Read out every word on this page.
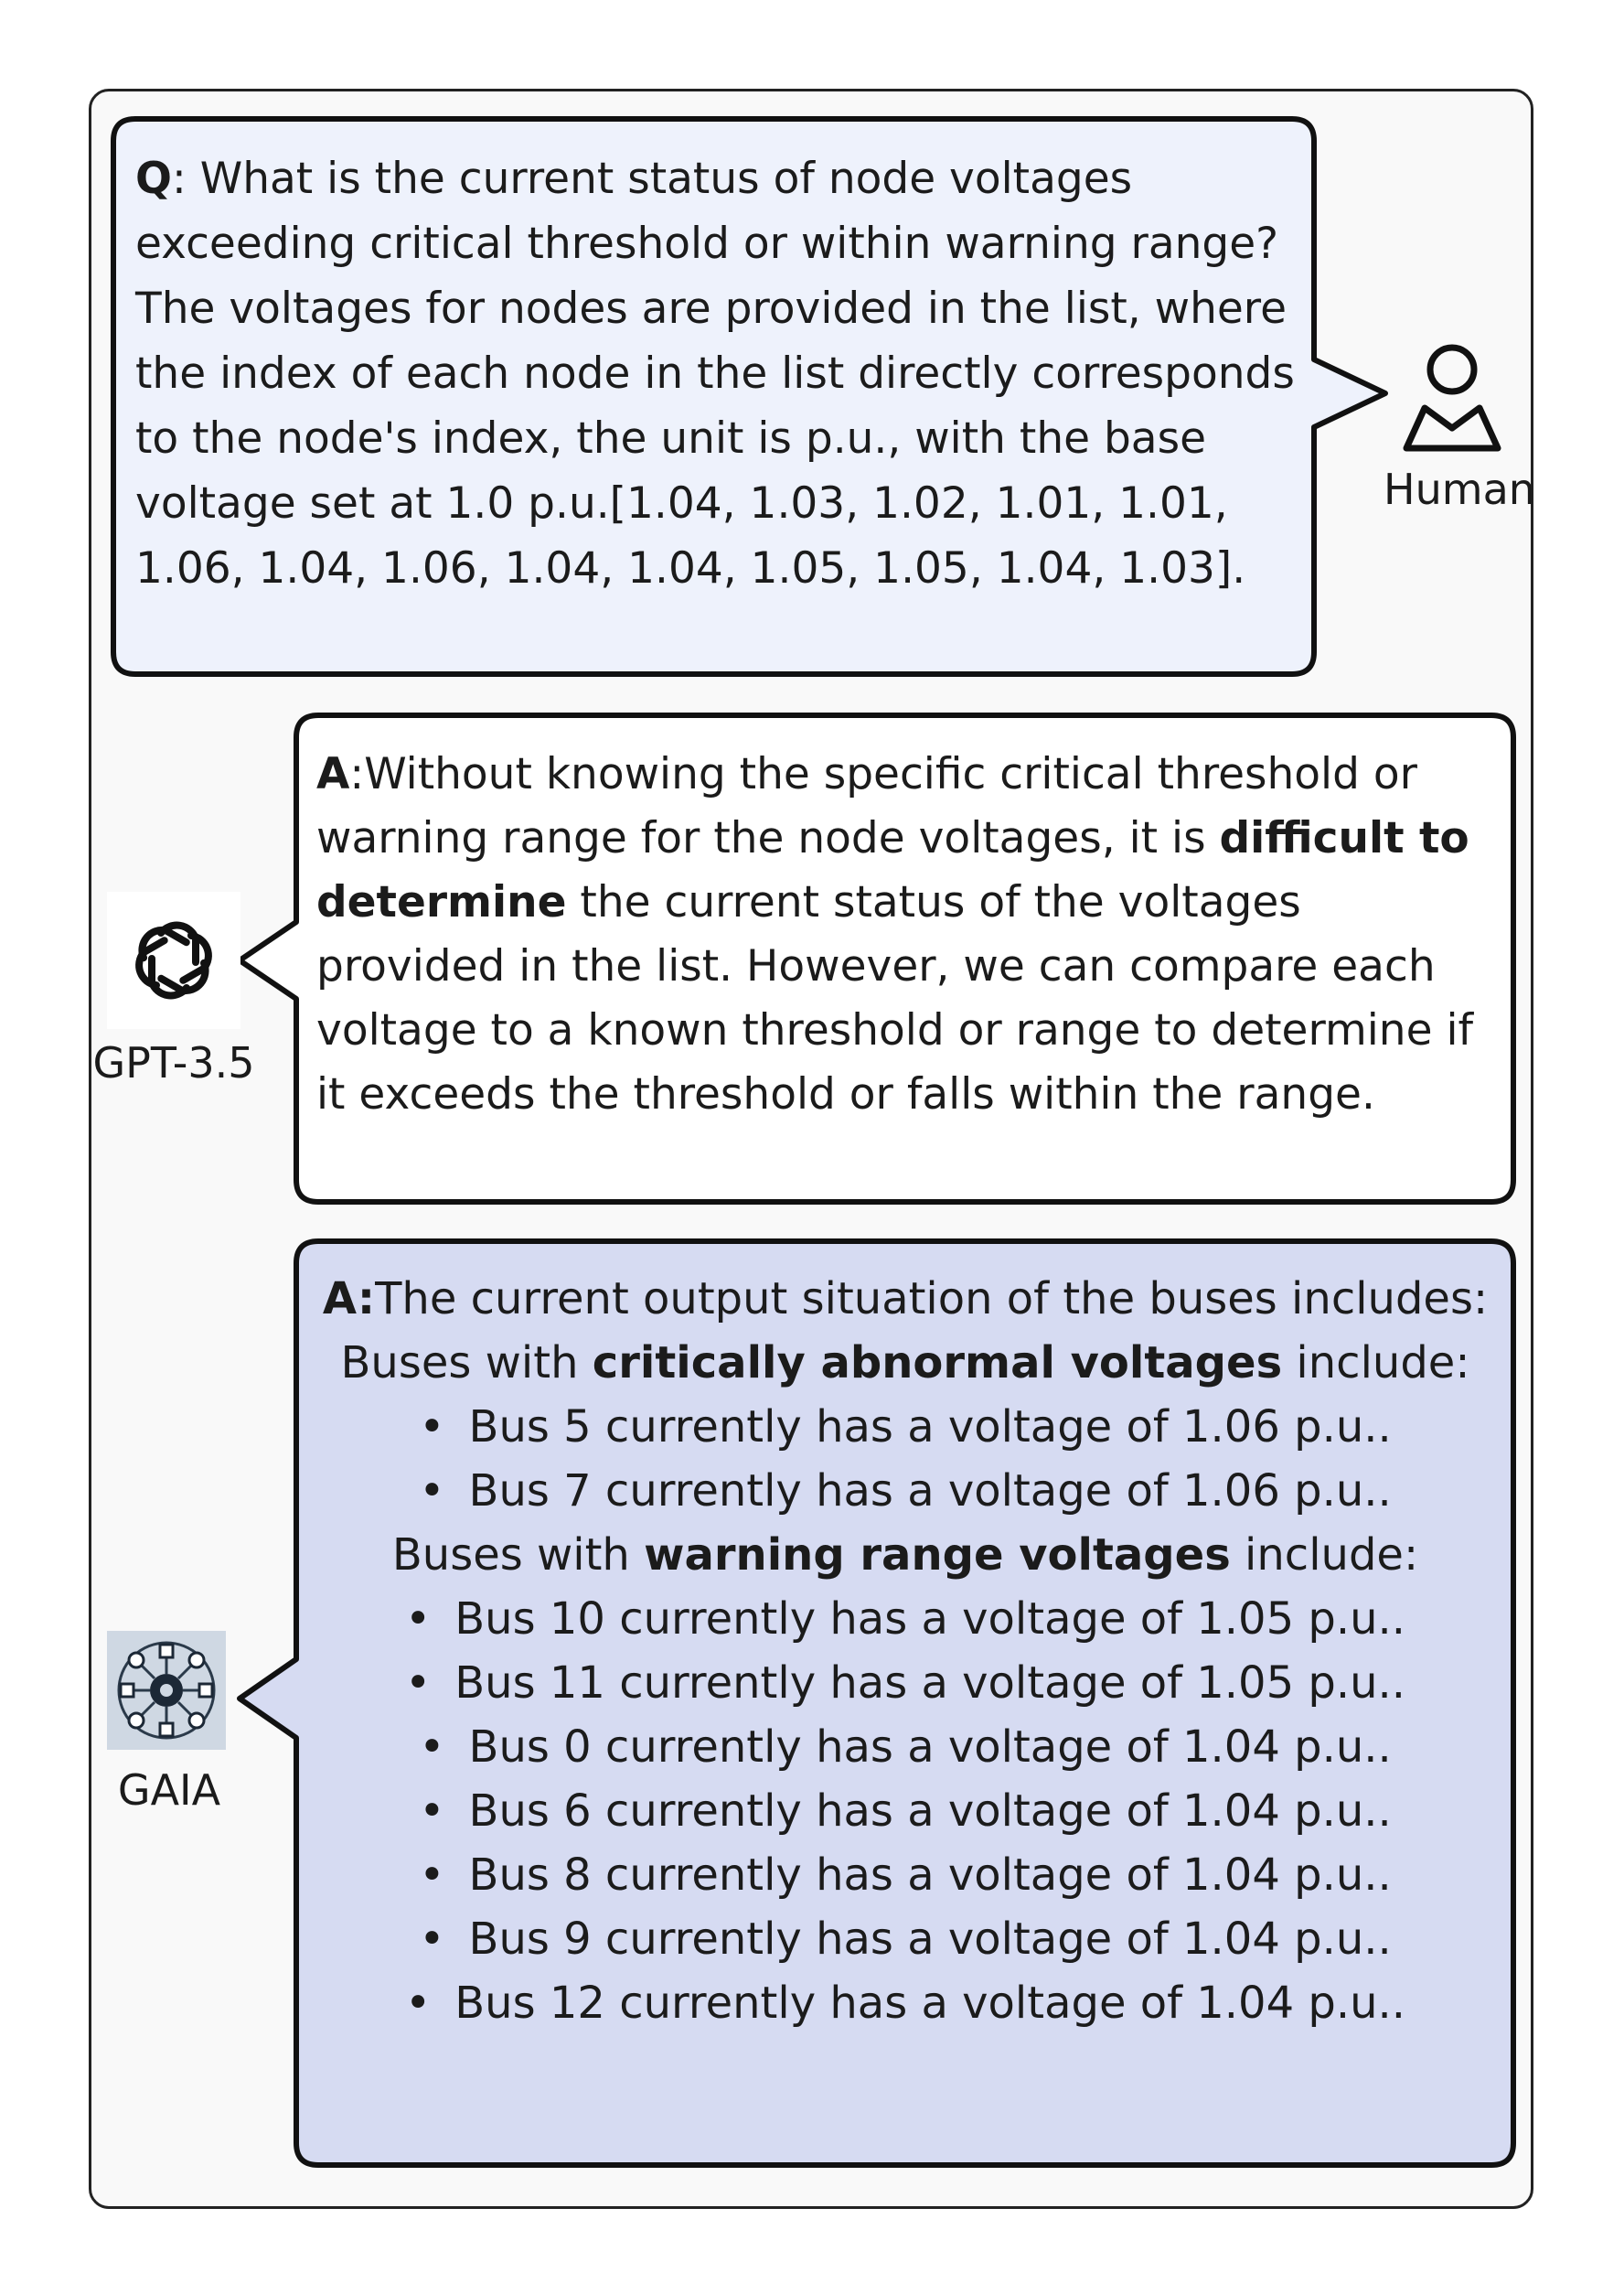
Human
GPT-3.5
GAIA
Q: What is the current status of node voltages exceeding critical threshold or within warning range?
The voltages for nodes are provided in the list, where the index of each node in the list directly corresponds to the node's index, the unit is p.u., with the base voltage set at 1.0 p.u.[1.04, 1.03, 1.02, 1.01, 1.01, 1.06, 1.04, 1.06, 1.04, 1.04, 1.05, 1.05, 1.04, 1.03].
A:Without knowing the specific critical threshold or warning range for the node voltages, it is difficult to determine the current status of the voltages provided in the list. However, we can compare each voltage to a known threshold or range to determine if it exceeds the threshold or falls within the range.
A:The current output situation of the buses includes:
Buses with critically abnormal voltages include:
• Bus 5 currently has a voltage of 1.06 p.u..
• Bus 7 currently has a voltage of 1.06 p.u..
Buses with warning range voltages include:
• Bus 10 currently has a voltage of 1.05 p.u..
• Bus 11 currently has a voltage of 1.05 p.u..
• Bus 0 currently has a voltage of 1.04 p.u..
• Bus 6 currently has a voltage of 1.04 p.u..
• Bus 8 currently has a voltage of 1.04 p.u..
• Bus 9 currently has a voltage of 1.04 p.u..
• Bus 12 currently has a voltage of 1.04 p.u..
